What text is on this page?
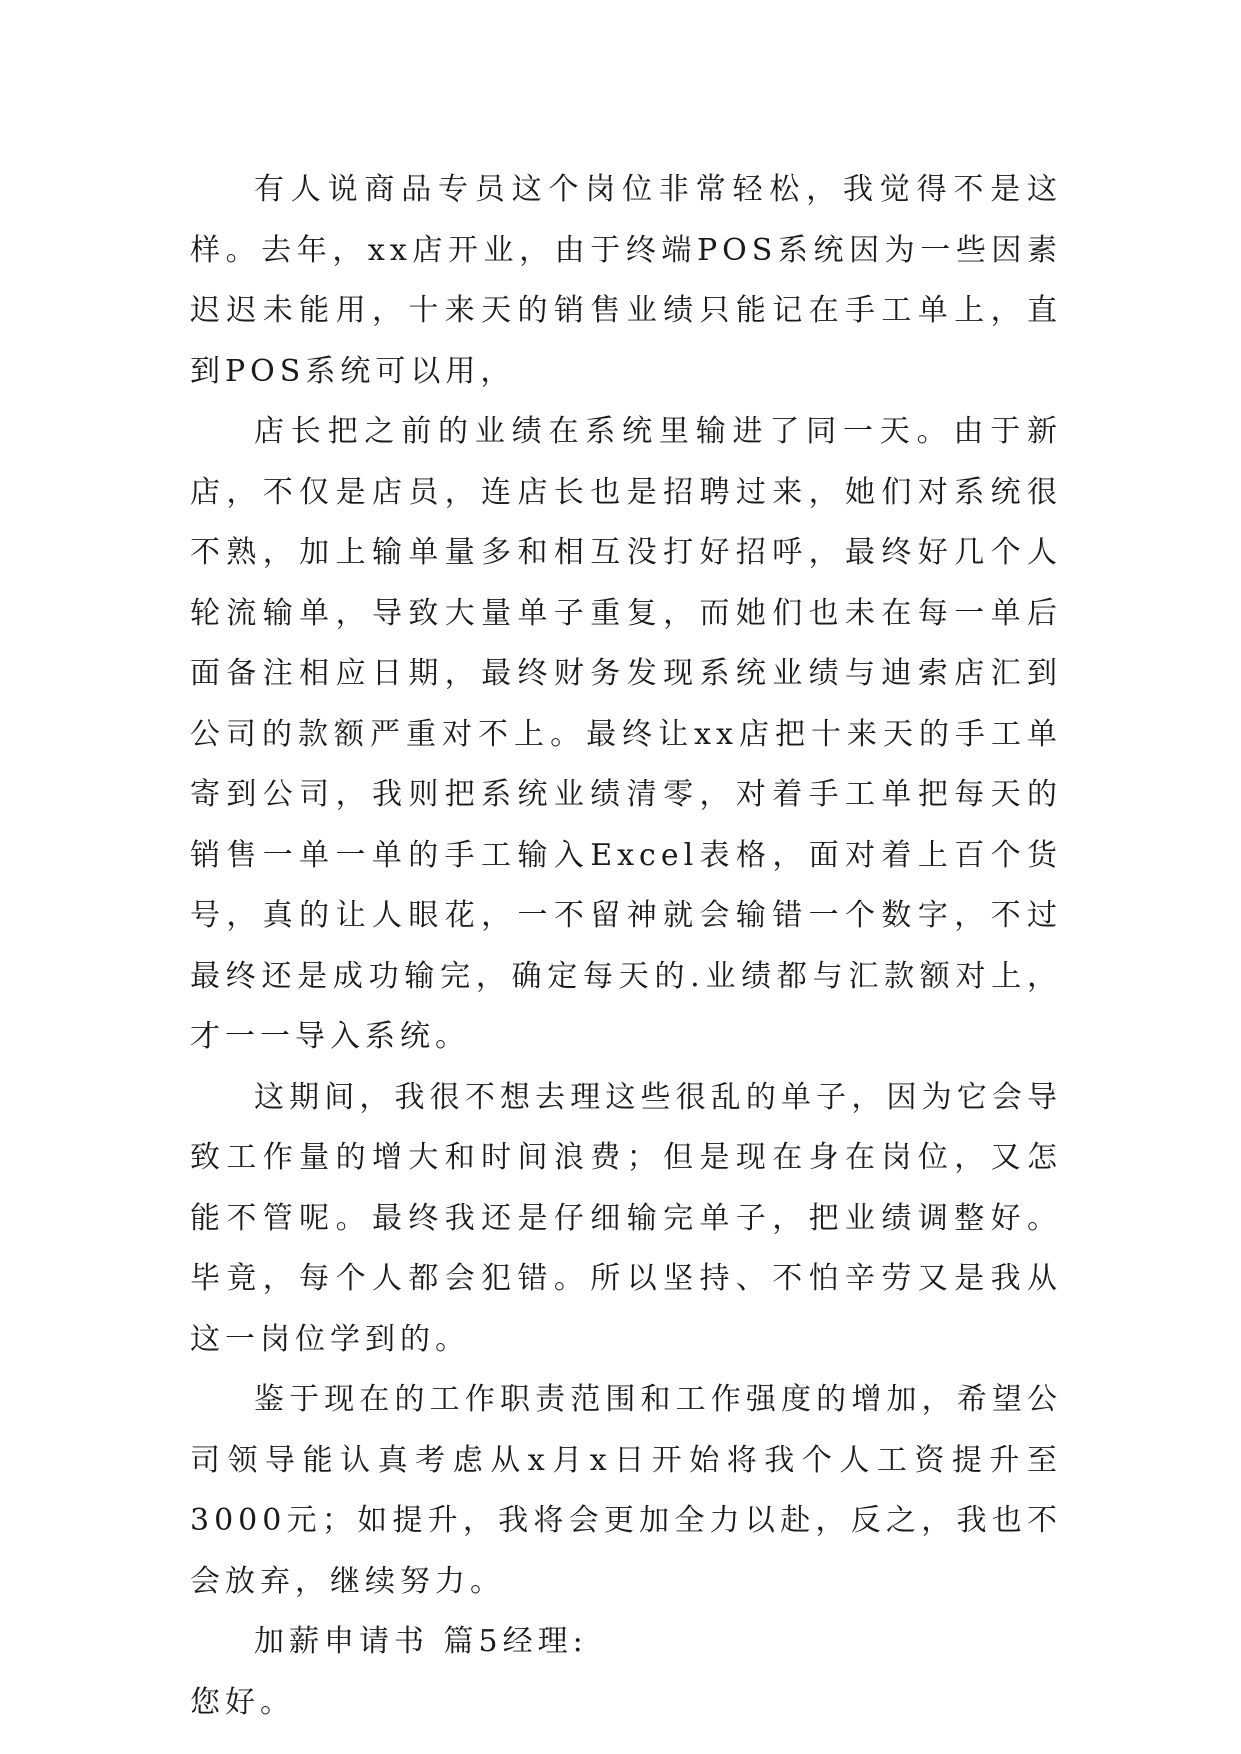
有人说商品专员这个岗位非常轻松，我觉得不是这样。去年，xx店开业，由于终端POS系统因为一些因素迟迟未能用，十来天的销售业绩只能记在手工单上，直到POS系统可以用，

店长把之前的业绩在系统里输进了同一天。由于新店，不仅是店员，连店长也是招聘过来，她们对系统很不熟，加上输单量多和相互没打好招呼，最终好几个人轮流输单，导致大量单子重复，而她们也未在每一单后面备注相应日期，最终财务发现系统业绩与迪索店汇到公司的款额严重对不上。最终让xx店把十来天的手工单寄到公司，我则把系统业绩清零，对着手工单把每天的销售一单一单的手工输入Excel表格，面对着上百个货号，真的让人眼花，一不留神就会输错一个数字，不过最终还是成功输完，确定每天的.业绩都与汇款额对上，才一一导入系统。

这期间，我很不想去理这些很乱的单子，因为它会导致工作量的增大和时间浪费；但是现在身在岗位，又怎能不管呢。最终我还是仔细输完单子，把业绩调整好。毕竟，每个人都会犯错。所以坚持、不怕辛劳又是我从这一岗位学到的。

鉴于现在的工作职责范围和工作强度的增加，希望公司领导能认真考虑从x月x日开始将我个人工资提升至3000元；如提升，我将会更加全力以赴，反之，我也不会放弃，继续努力。

加薪申请书 篇5经理:

您好。
